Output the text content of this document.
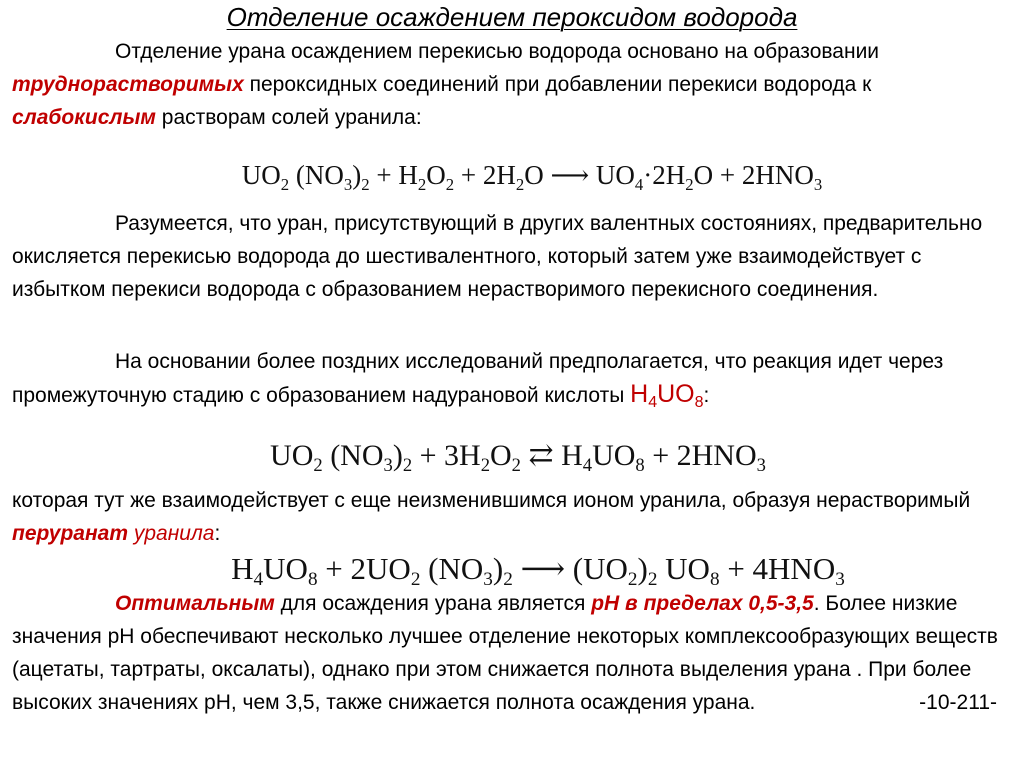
Отделение осаждением пероксидом водорода

Отделение урана осаждением перекисью водорода основано на образовании труднорастворимых пероксидных соединений при добавлении перекиси водорода к слабокислым растворам солей уранила:

$UO_2$ $(NO_3)_2 + H_2O_2 + 2H_2O$ ⟶ $UO_4\cdot 2H_2O + 2HNO_3$

Разумеется, что уран, присутствующий в других валентных состояниях, предварительно окисляется перекисью водорода до шестивалентного, который затем уже взаимодействует с избытком перекиси водорода с образованием нерастворимого перекисного соединения.

На основании более поздних исследований предполагается, что реакция идет через промежуточную стадию с образованием надурановой кислоты $H_4UO_8$:

$UO_2$ $(NO_3)_2 + 3H_2O_2$ ⇄ $H_4UO_8 + 2HNO_3$

которая тут же взаимодействует с еще неизменившимся ионом уранила, образуя нерастворимый перуранат уранила:

$H_4UO_8 + 2UO_2$ $(NO_3)_2$ ⟶ $(UO_2)_2$ $UO_8 + 4HNO_3$

Оптимальным для осаждения урана является pH в пределах 0,5-3,5. Более низкие значения pH обеспечивают несколько лучшее отделение некоторых комплексообразующих веществ (ацетаты, тартраты, оксалаты), однако при этом снижается полнота выделения урана . При более высоких значениях pH, чем 3,5, также снижается полнота осаждения урана.	-10-211-
